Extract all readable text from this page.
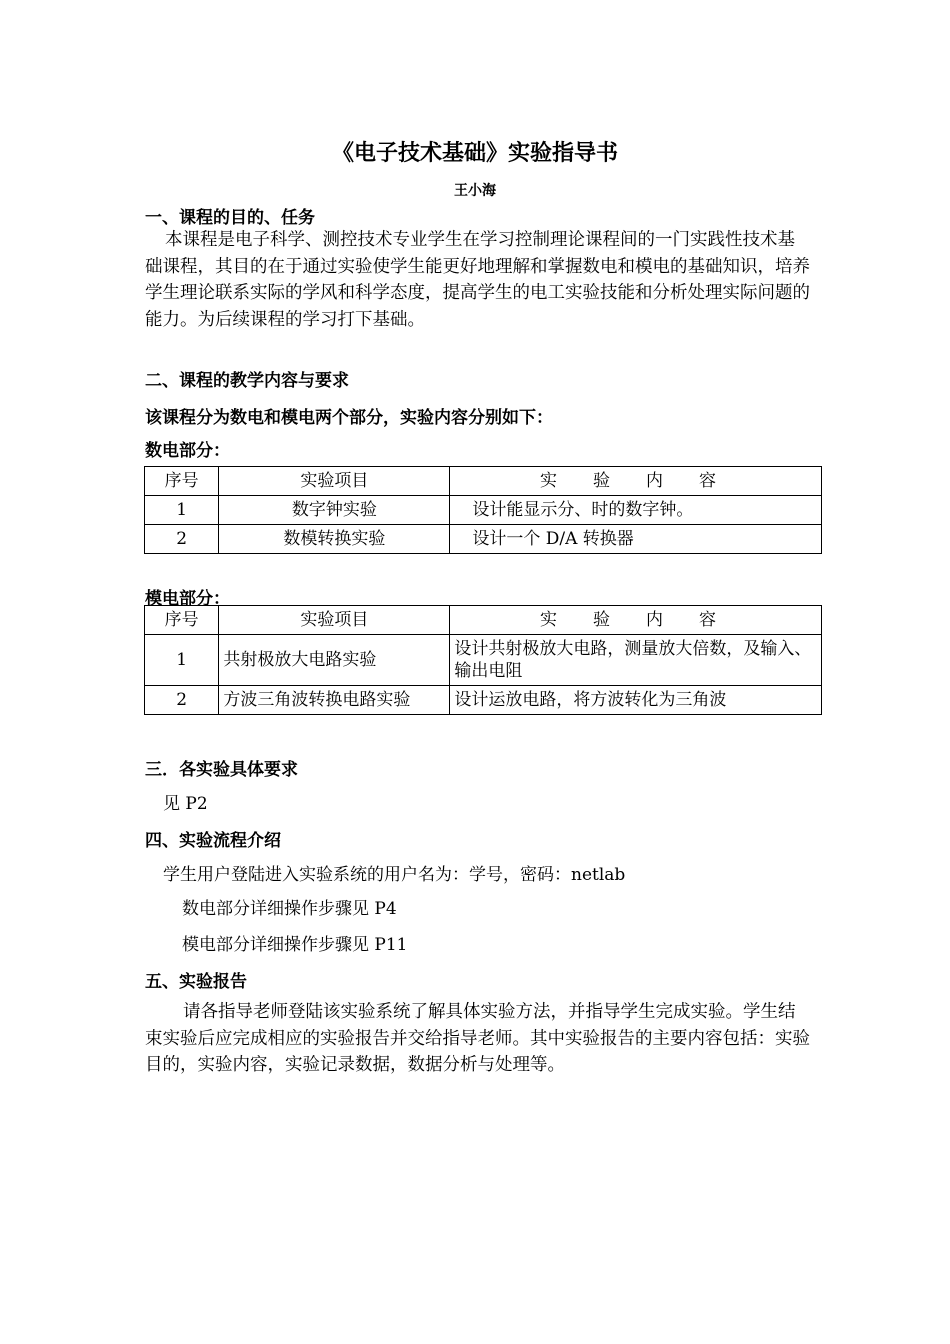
《电子技术基础》实验指导书
王小海
一、课程的目的、任务
本课程是电子科学、测控技术专业学生在学习控制理论课程间的一门实践性技术基础课程，其目的在于通过实验使学生能更好地理解和掌握数电和模电的基础知识，培养学生理论联系实际的学风和科学态度，提高学生的电工实验技能和分析处理实际问题的能力。为后续课程的学习打下基础。
二、课程的教学内容与要求
该课程分为数电和模电两个部分，实验内容分别如下：
数电部分：
序号	实验项目	实 验 内 容
1	数字钟实验	设计能显示分、时的数字钟。
2	数模转换实验	设计一个 D/A 转换器
模电部分：
序号	实验项目	实 验 内 容
1	共射极放大电路实验	设计共射极放大电路，测量放大倍数，及输入、输出电阻
2	方波三角波转换电路实验	设计运放电路，将方波转化为三角波
三．各实验具体要求
见 P2
四、实验流程介绍
学生用户登陆进入实验系统的用户名为：学号，密码：netlab
数电部分详细操作步骤见 P4
模电部分详细操作步骤见 P11
五、实验报告
请各指导老师登陆该实验系统了解具体实验方法，并指导学生完成实验。学生结束实验后应完成相应的实验报告并交给指导老师。其中实验报告的主要内容包括：实验目的，实验内容，实验记录数据，数据分析与处理等。
